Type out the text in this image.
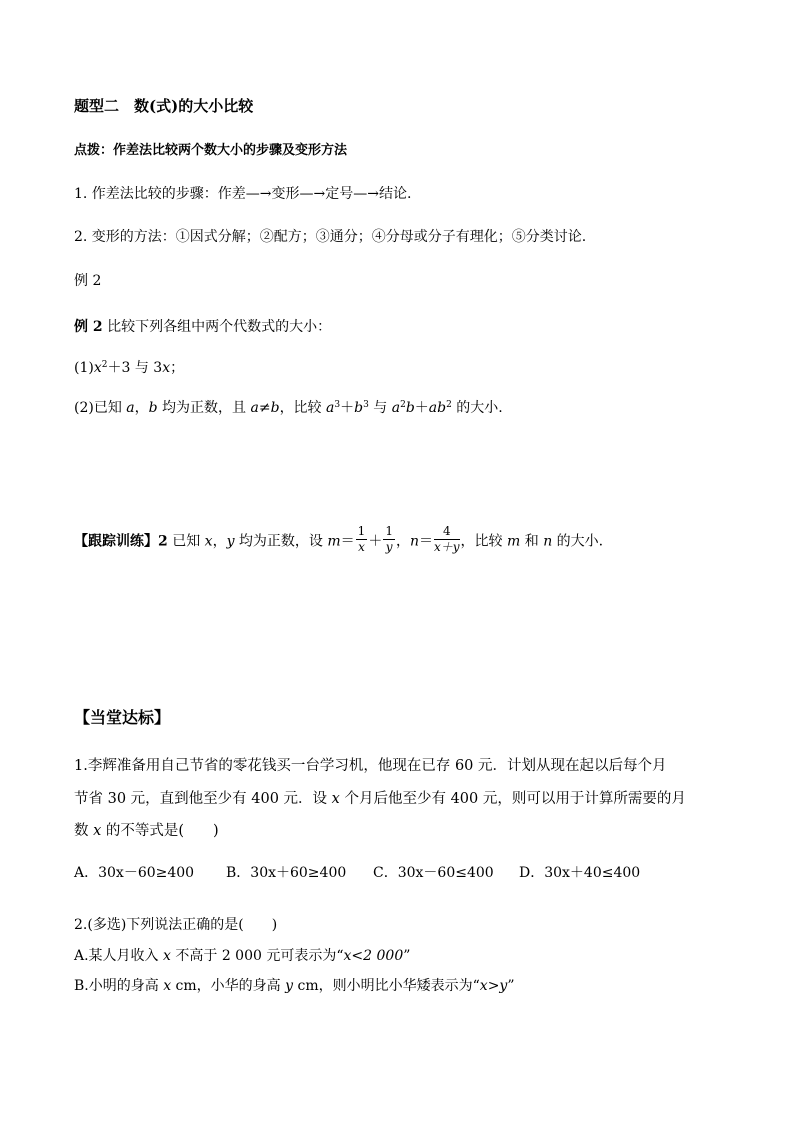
题型二　数(式)的大小比较
点拨：作差法比较两个数大小的步骤及变形方法
1. 作差法比较的步骤：作差—→变形—→定号—→结论.
2. 变形的方法：①因式分解；②配方；③通分；④分母或分子有理化；⑤分类讨论.
例 2
例 2 比较下列各组中两个代数式的大小：
$(1)x^2+3$ 与 3x；
(2)已知 a，b 均为正数，且 a≠b，比较 $a^3+b^3$ 与 $a^2b+ab^2$ 的大小.
【跟踪训练】2 已知 x，y 均为正数，设 $m= \frac{1}{x} + \frac{1}{y}$ ，$n= \frac{4}{x+y}$ ，比较 m 和 n 的大小.
【当堂达标】
1.李辉准备用自己节省的零花钱买一台学习机，他现在已存 60 元．计划从现在起以后每个月
节省 30 元，直到他至少有 400 元．设 x 个月后他至少有 400 元，则可以用于计算所需要的月
数 x 的不等式是(　　)
A．30x－60≥400 B．30x＋60≥400 C．30x－60≤400 D．30x＋40≤400
2.(多选)下列说法正确的是(　　)
A.某人月收入 x 不高于 2 000 元可表示为“x<2 000”
B.小明的身高 x cm，小华的身高 y cm，则小明比小华矮表示为“x>y”
